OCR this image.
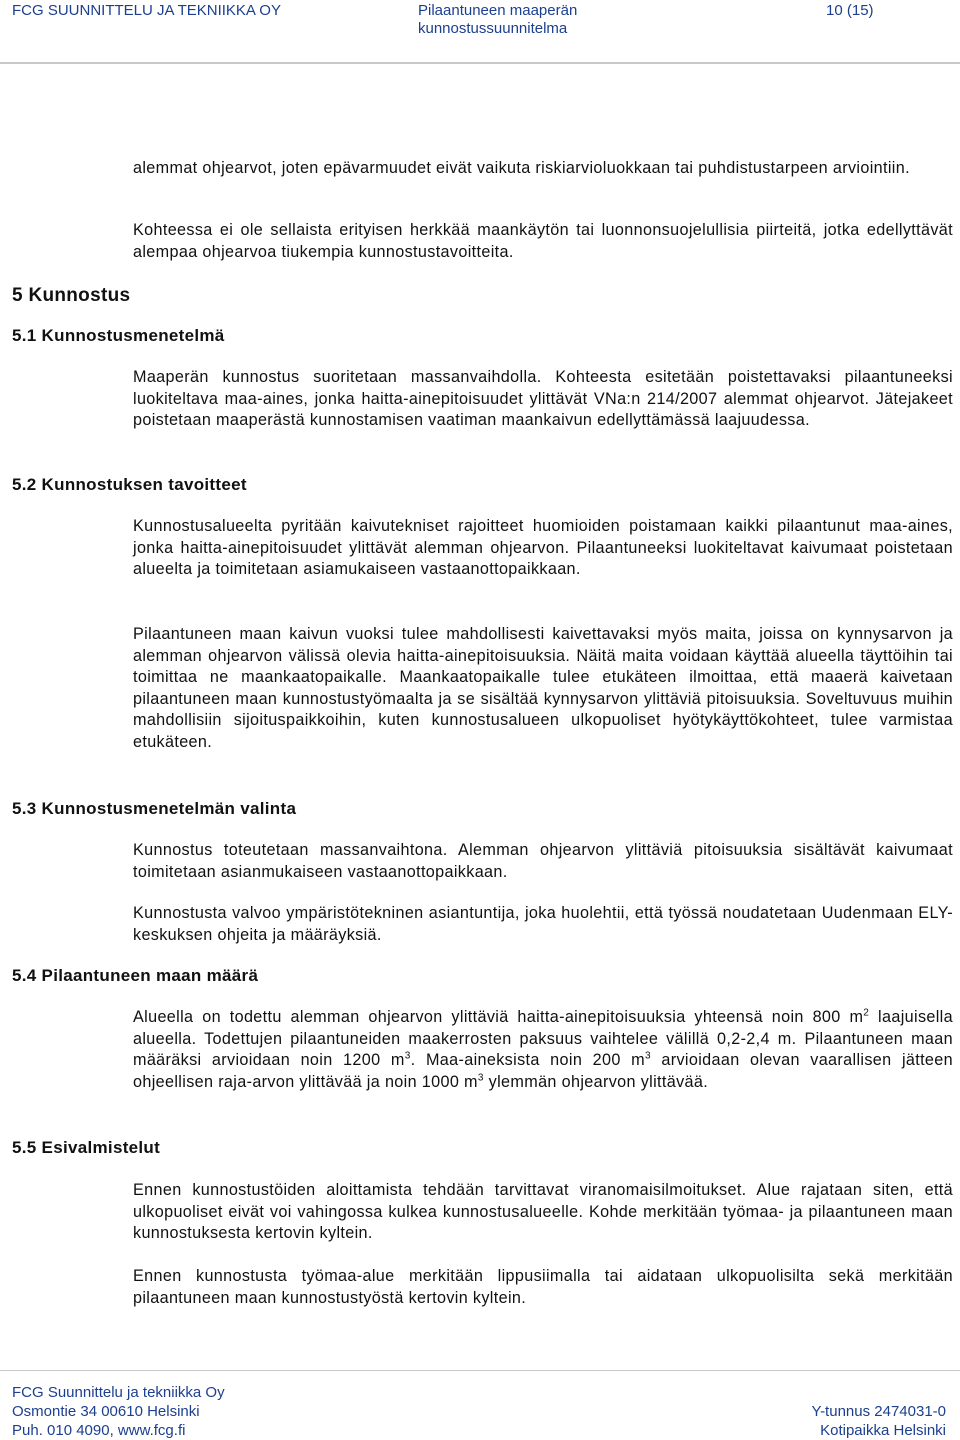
FCG SUUNNITTELU JA TEKNIIKKA OY	Pilaantuneen maaperän
kunnostussuunnitelma
10 (15)

alemmat ohjearvot, joten epävarmuudet eivät vaikuta riskiarvioluokkaan tai puhdistustarpeen arviointiin.

Kohteessa ei ole sellaista erityisen herkkää maankäytön tai luonnonsuojelullisia piirteitä, jotka edellyttävät alempaa ohjearvoa tiukempia kunnostustavoitteita.

5 Kunnostus
5.1 Kunnostusmenetelmä

Maaperän kunnostus suoritetaan massanvaihdolla. Kohteesta esitetään poistettavaksi pilaantuneeksi luokiteltava maa-aines, jonka haitta-ainepitoisuudet ylittävät VNa:n 214/2007 alemmat ohjearvot. Jätejakeet poistetaan maaperästä kunnostamisen vaatiman maankaivun edellyttämässä laajuudessa.

5.2 Kunnostuksen tavoitteet

Kunnostusalueelta pyritään kaivutekniset rajoitteet huomioiden poistamaan kaikki pilaantunut maa-aines, jonka haitta-ainepitoisuudet ylittävät alemman ohjearvon. Pilaantuneeksi luokiteltavat kaivumaat poistetaan alueelta ja toimitetaan asiamukaiseen vastaanottopaikkaan.

Pilaantuneen maan kaivun vuoksi tulee mahdollisesti kaivettavaksi myös maita, joissa on kynnysarvon ja alemman ohjearvon välissä olevia haitta-ainepitoisuuksia. Näitä maita voidaan käyttää alueella täyttöihin tai toimittaa ne maankaatopaikalle. Maankaatopaikalle tulee etukäteen ilmoittaa, että maaerä kaivetaan pilaantuneen maan kunnostustyömaalta ja se sisältää kynnysarvon ylittäviä pitoisuuksia. Soveltuvuus muihin mahdollisiin sijoituspaikkoihin, kuten kunnostusalueen ulkopuoliset hyötykäyttökohteet, tulee varmistaa etukäteen.

5.3 Kunnostusmenetelmän valinta

Kunnostus toteutetaan massanvaihtona. Alemman ohjearvon ylittäviä pitoisuuksia sisältävät kaivumaat toimitetaan asianmukaiseen vastaanottopaikkaan.

Kunnostusta valvoo ympäristötekninen asiantuntija, joka huolehtii, että työssä noudatetaan Uudenmaan ELY-keskuksen ohjeita ja määräyksiä.

5.4 Pilaantuneen maan määrä

Alueella on todettu alemman ohjearvon ylittäviä haitta-ainepitoisuuksia yhteensä noin 800 $m^2$ laajuisella alueella. Todettujen pilaantuneiden maakerrosten paksuus vaihtelee välillä 0,2-2,4 m. Pilaantuneen maan määräksi arvioidaan noin 1200 $m^3$. Maa-aineksista noin 200 $m^3$ arvioidaan olevan vaarallisen jätteen ohjeellisen raja-arvon ylittävää ja noin 1000 $m^3$ ylemmän ohjearvon ylittävää.

5.5 Esivalmistelut

Ennen kunnostustöiden aloittamista tehdään tarvittavat viranomaisilmoitukset. Alue rajataan siten, että ulkopuoliset eivät voi vahingossa kulkea kunnostusalueelle. Kohde merkitään työmaa- ja pilaantuneen maan kunnostuksesta kertovin kyltein.

Ennen kunnostusta työmaa-alue merkitään lippusiimalla tai aidataan ulkopuolisilta sekä merkitään pilaantuneen maan kunnostustyöstä kertovin kyltein.

FCG Suunnittelu ja tekniikka Oy
Osmontie 34 00610 Helsinki
Puh. 010 4090, www.fcg.fi
Y-tunnus 2474031-0
Kotipaikka Helsinki
